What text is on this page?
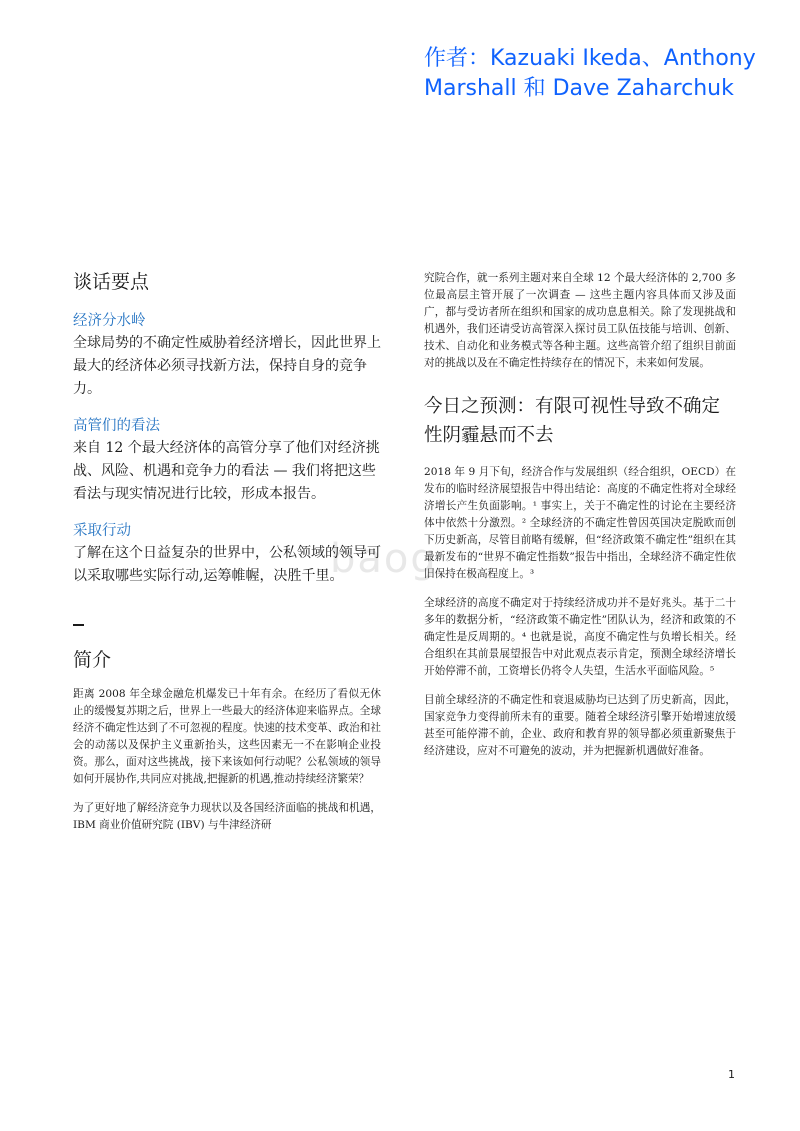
作者：Kazuaki Ikeda、Anthony Marshall 和 Dave Zaharchuk
baog
谈话要点
经济分水岭

全球局势的不确定性威胁着经济增长，因此世界上最大的经济体必须寻找新方法，保持自身的竞争力。

高管们的看法

来自 12 个最大经济体的高管分享了他们对经济挑战、风险、机遇和竞争力的看法 — 我们将把这些看法与现实情况进行比较，形成本报告。

采取行动

了解在这个日益复杂的世界中，公私领域的领导可以采取哪些实际行动,运筹帷幄，决胜千里。

简介

距离 2008 年全球金融危机爆发已十年有余。在经历了看似无休止的缓慢复苏期之后，世界上一些最大的经济体迎来临界点。全球经济不确定性达到了不可忽视的程度。快速的技术变革、政治和社会的动荡以及保护主义重新抬头，这些因素无一不在影响企业投资。那么，面对这些挑战，接下来该如何行动呢？公私领域的领导如何开展协作,共同应对挑战,把握新的机遇,推动持续经济繁荣？

为了更好地了解经济竞争力现状以及各国经济面临的挑战和机遇，IBM 商业价值研究院 (IBV) 与牛津经济研

究院合作，就一系列主题对来自全球 12 个最大经济体的 2,700 多位最高层主管开展了一次调查 — 这些主题内容具体而又涉及面广，都与受访者所在组织和国家的成功息息相关。除了发现挑战和机遇外，我们还请受访高管深入探讨员工队伍技能与培训、创新、技术、自动化和业务模式等各种主题。这些高管介绍了组织目前面对的挑战以及在不确定性持续存在的情况下，未来如何发展。

今日之预测：有限可视性导致不确定性阴霾悬而不去

2018 年 9 月下旬，经济合作与发展组织（经合组织，OECD）在发布的临时经济展望报告中得出结论：高度的不确定性将对全球经济增长产生负面影响。¹ 事实上，关于不确定性的讨论在主要经济体中依然十分激烈。² 全球经济的不确定性曾因英国决定脱欧而创下历史新高，尽管目前略有缓解，但“经济政策不确定性”组织在其最新发布的“世界不确定性指数”报告中指出，全球经济不确定性依旧保持在极高程度上。³

全球经济的高度不确定对于持续经济成功并不是好兆头。基于二十多年的数据分析，“经济政策不确定性”团队认为，经济和政策的不确定性是反周期的。⁴ 也就是说，高度不确定性与负增长相关。经合组织在其前景展望报告中对此观点表示肯定，预测全球经济增长开始停滞不前，工资增长仍将令人失望，生活水平面临风险。⁵

目前全球经济的不确定性和衰退威胁均已达到了历史新高，因此，国家竞争力变得前所未有的重要。随着全球经济引擎开始增速放缓甚至可能停滞不前，企业、政府和教育界的领导都必须重新聚焦于经济建设，应对不可避免的波动，并为把握新机遇做好准备。

1
